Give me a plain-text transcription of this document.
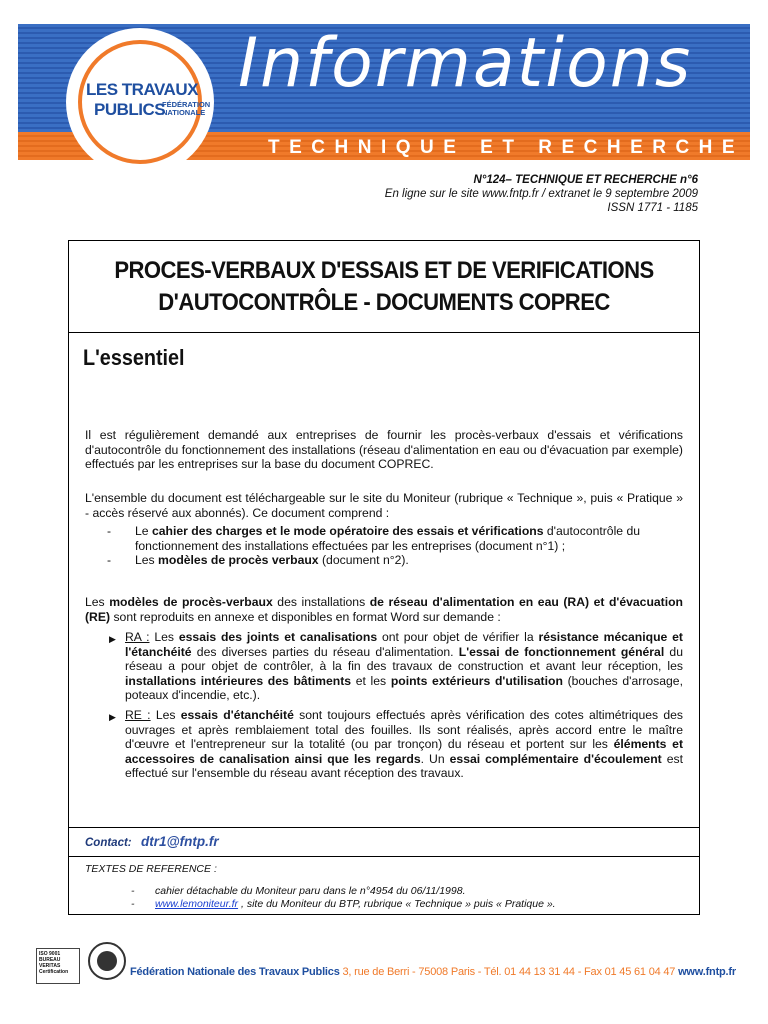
Informations
TECHNIQUE ET RECHERCHE
LES TRAVAUX
PUBLICS
FÉDÉRATION NATIONALE
N°124– TECHNIQUE ET RECHERCHE n°6
En ligne sur le site www.fntp.fr / extranet le 9 septembre 2009
ISSN 1771 - 1185
PROCES-VERBAUX D'ESSAIS ET DE VERIFICATIONS
D'AUTOCONTRÔLE - DOCUMENTS COPREC
L'essentiel
Il est régulièrement demandé aux entreprises de fournir les procès-verbaux d'essais et vérifications d'autocontrôle du fonctionnement des installations (réseau d'alimentation en eau ou d'évacuation par exemple) effectués par les entreprises sur la base du document COPREC.
L'ensemble du document est téléchargeable sur le site du Moniteur (rubrique « Technique », puis « Pratique » - accès réservé aux abonnés). Ce document comprend :
- Le cahier des charges et le mode opératoire des essais et vérifications d'autocontrôle du fonctionnement des installations effectuées par les entreprises (document n°1) ;
- Les modèles de procès verbaux (document n°2).
Les modèles de procès-verbaux des installations de réseau d'alimentation en eau (RA) et d'évacuation (RE) sont reproduits en annexe et disponibles en format Word sur demande :
▶ RA : Les essais des joints et canalisations ont pour objet de vérifier la résistance mécanique et l'étanchéité des diverses parties du réseau d'alimentation. L'essai de fonctionnement général du réseau a pour objet de contrôler, à la fin des travaux de construction et avant leur réception, les installations intérieures des bâtiments et les points extérieurs d'utilisation (bouches d'arrosage, poteaux d'incendie, etc.).
▶ RE : Les essais d'étanchéité sont toujours effectués après vérification des cotes altimétriques des ouvrages et après remblaiement total des fouilles. Ils sont réalisés, après accord entre le maître d'œuvre et l'entrepreneur sur la totalité (ou par tronçon) du réseau et portent sur les éléments et accessoires de canalisation ainsi que les regards. Un essai complémentaire d'écoulement est effectué sur l'ensemble du réseau avant réception des travaux.
Contact: dtr1@fntp.fr
TEXTES DE REFERENCE :
- cahier détachable du Moniteur paru dans le n°4954 du 06/11/1998.
- www.lemoniteur.fr , site du Moniteur du BTP, rubrique « Technique » puis « Pratique ».
ISO 9001 BUREAU VERITAS Certification	Fédération Nationale des Travaux Publics 3, rue de Berri - 75008 Paris - Tél. 01 44 13 31 44 - Fax 01 45 61 04 47 www.fntp.fr
